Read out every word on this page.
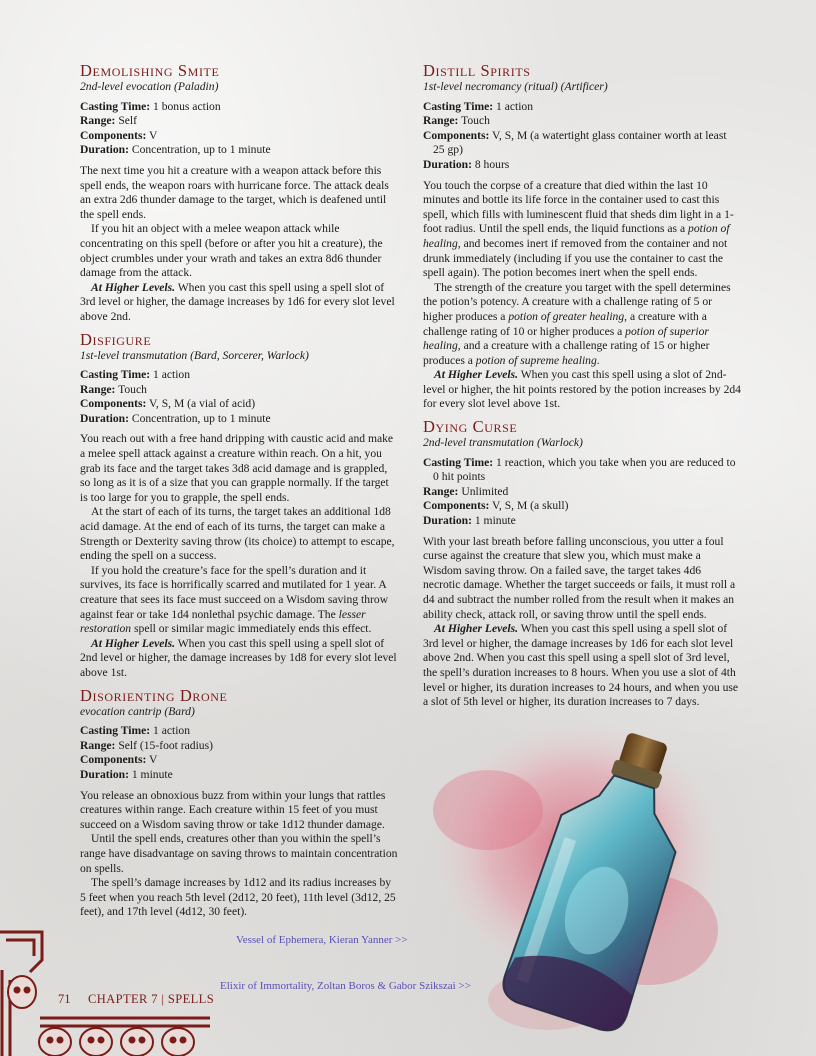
Demolishing Smite
2nd-level evocation (Paladin)
Casting Time: 1 bonus action
Range: Self
Components: V
Duration: Concentration, up to 1 minute

The next time you hit a creature with a weapon attack before this spell ends, the weapon roars with hurricane force. The attack deals an extra 2d6 thunder damage to the target, which is deafened until the spell ends.

If you hit an object with a melee weapon attack while concentrating on this spell (before or after you hit a creature), the object crumbles under your wrath and takes an extra 8d6 thunder damage from the attack.

At Higher Levels. When you cast this spell using a spell slot of 3rd level or higher, the damage increases by 1d6 for every slot level above 2nd.

Disfigure
1st-level transmutation (Bard, Sorcerer, Warlock)
Casting Time: 1 action
Range: Touch
Components: V, S, M (a vial of acid)
Duration: Concentration, up to 1 minute

You reach out with a free hand dripping with caustic acid and make a melee spell attack against a creature within reach. On a hit, you grab its face and the target takes 3d8 acid damage and is grappled, so long as it is of a size that you can grapple normally. If the target is too large for you to grapple, the spell ends.

At the start of each of its turns, the target takes an additional 1d8 acid damage. At the end of each of its turns, the target can make a Strength or Dexterity saving throw (its choice) to attempt to escape, ending the spell on a success.

If you hold the creature’s face for the spell’s duration and it survives, its face is horrifically scarred and mutilated for 1 year. A creature that sees its face must succeed on a Wisdom saving throw against fear or take 1d4 nonlethal psychic damage. The lesser restoration spell or similar magic immediately ends this effect.

At Higher Levels. When you cast this spell using a spell slot of 2nd level or higher, the damage increases by 1d8 for every slot level above 1st.

Disorienting Drone
evocation cantrip (Bard)
Casting Time: 1 action
Range: Self (15-foot radius)
Components: V
Duration: 1 minute

You release an obnoxious buzz from within your lungs that rattles creatures within range. Each creature within 15 feet of you must succeed on a Wisdom saving throw or take 1d12 thunder damage.

Until the spell ends, creatures other than you within the spell’s range have disadvantage on saving throws to maintain concentration on spells.

The spell’s damage increases by 1d12 and its radius increases by 5 feet when you reach 5th level (2d12, 20 feet), 11th level (3d12, 25 feet), and 17th level (4d12, 30 feet).

Distill Spirits
1st-level necromancy (ritual) (Artificer)
Casting Time: 1 action
Range: Touch
Components: V, S, M (a watertight glass container worth at least 25 gp)
Duration: 8 hours

You touch the corpse of a creature that died within the last 10 minutes and bottle its life force in the container used to cast this spell, which fills with luminescent fluid that sheds dim light in a 1-foot radius. Until the spell ends, the liquid functions as a potion of healing, and becomes inert if removed from the container and not drunk immediately (including if you use the container to cast the spell again). The potion becomes inert when the spell ends.

The strength of the creature you target with the spell determines the potion’s potency. A creature with a challenge rating of 5 or higher produces a potion of greater healing, a creature with a challenge rating of 10 or higher produces a potion of superior healing, and a creature with a challenge rating of 15 or higher produces a potion of supreme healing.

At Higher Levels. When you cast this spell using a slot of 2nd-level or higher, the hit points restored by the potion increases by 2d4 for every slot level above 1st.

Dying Curse
2nd-level transmutation (Warlock)
Casting Time: 1 reaction, which you take when you are reduced to 0 hit points
Range: Unlimited
Components: V, S, M (a skull)
Duration: 1 minute

With your last breath before falling unconscious, you utter a foul curse against the creature that slew you, which must make a Wisdom saving throw. On a failed save, the target takes 4d6 necrotic damage. Whether the target succeeds or fails, it must roll a d4 and subtract the number rolled from the result when it makes an ability check, attack roll, or saving throw until the spell ends.

At Higher Levels. When you cast this spell using a spell slot of 3rd level or higher, the damage increases by 1d6 for each slot level above 2nd. When you cast this spell using a spell slot of 3rd level, the spell’s duration increases to 8 hours. When you use a slot of 4th level or higher, its duration increases to 24 hours, and when you use a slot of 5th level or higher, its duration increases to 7 days.

Vessel of Ephemera, Kieran Yanner >>
Elixir of Immortality, Zoltan Boros & Gabor Szikszai >>
71 CHAPTER 7 | SPELLS
